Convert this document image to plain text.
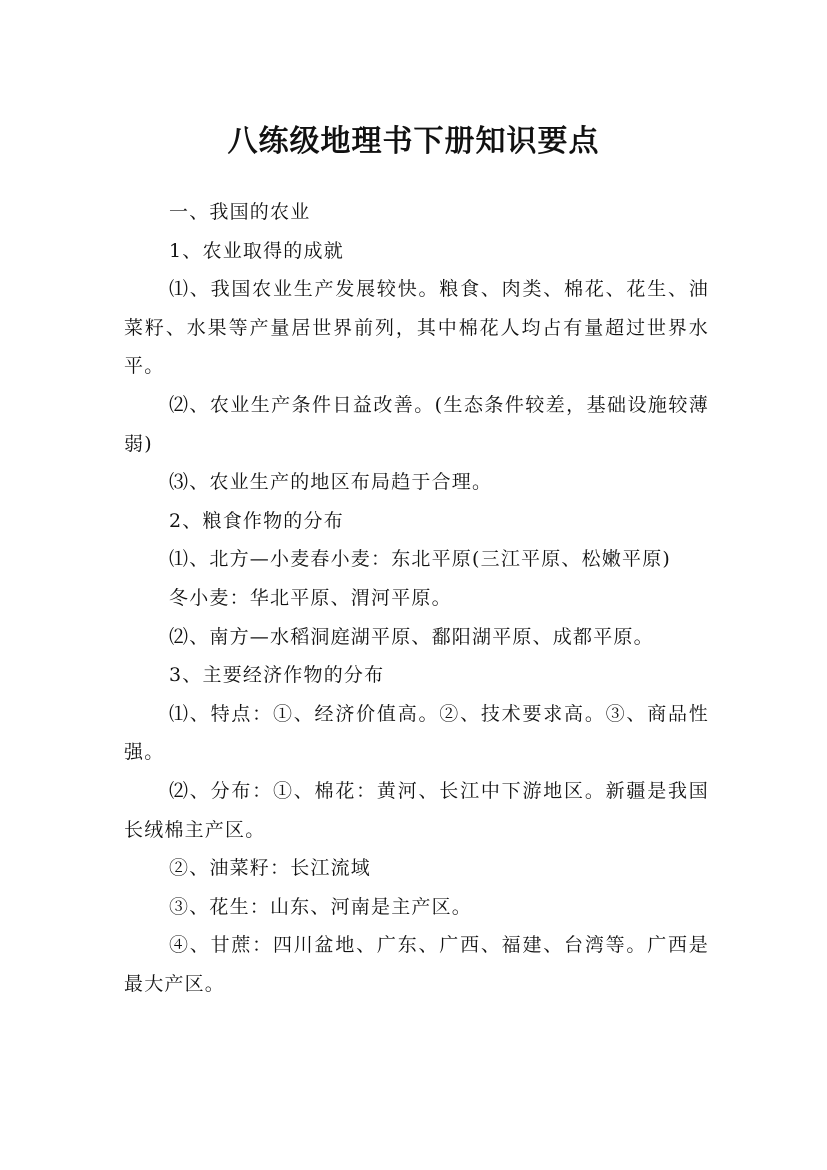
八练级地理书下册知识要点

一、我国的农业

1、农业取得的成就

⑴、我国农业生产发展较快。粮食、肉类、棉花、花生、油菜籽、水果等产量居世界前列，其中棉花人均占有量超过世界水平。

⑵、农业生产条件日益改善。(生态条件较差，基础设施较薄弱)

⑶、农业生产的地区布局趋于合理。

2、粮食作物的分布

⑴、北方—小麦春小麦：东北平原(三江平原、松嫩平原)

冬小麦：华北平原、渭河平原。

⑵、南方—水稻洞庭湖平原、鄱阳湖平原、成都平原。

3、主要经济作物的分布

⑴、特点：①、经济价值高。②、技术要求高。③、商品性强。

⑵、分布：①、棉花：黄河、长江中下游地区。新疆是我国长绒棉主产区。

②、油菜籽：长江流域

③、花生：山东、河南是主产区。

④、甘蔗：四川盆地、广东、广西、福建、台湾等。广西是最大产区。
